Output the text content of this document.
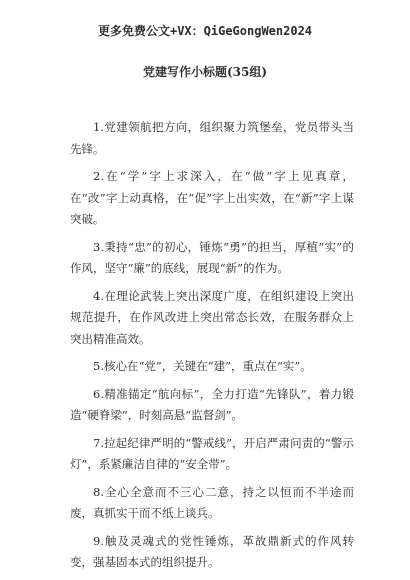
更多免费公文+VX：QiGeGongWen2024
党建写作小标题(35组)

1.党建领航把方向，组织聚力筑堡垒，党员带头当先锋。

2.在“学”字上求深入，在“做”字上见真章，在“改”字上动真格，在“促”字上出实效，在“新”字上谋突破。

3.秉持“忠”的初心，锤炼“勇”的担当，厚植“实”的作风，坚守“廉”的底线，展现“新”的作为。

4.在理论武装上突出深度广度，在组织建设上突出规范提升，在作风改进上突出常态长效，在服务群众上突出精准高效。

5.核心在“党”，关键在“建”，重点在“实”。

6.精准锚定“航向标”，全力打造“先锋队”，着力锻造“硬脊梁”，时刻高悬“监督剑”。

7.拉起纪律严明的“警戒线”，开启严肃问责的“警示灯”，系紧廉洁自律的“安全带”。

8.全心全意而不三心二意，持之以恒而不半途而废，真抓实干而不纸上谈兵。

9.触及灵魂式的党性锤炼，革故鼎新式的作风转变，强基固本式的组织提升。
